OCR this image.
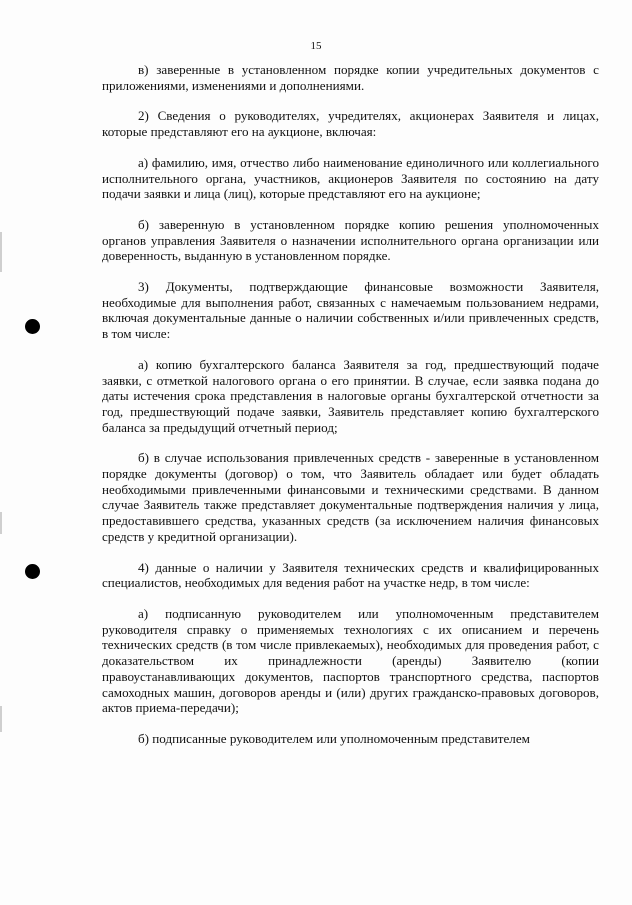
15

в) заверенные в установленном порядке копии учредительных документов с приложениями, изменениями и дополнениями.

2) Сведения о руководителях, учредителях, акционерах Заявителя и лицах, которые представляют его на аукционе, включая:

а) фамилию, имя, отчество либо наименование единоличного или коллегиального исполнительного органа, участников, акционеров Заявителя по состоянию на дату подачи заявки и лица (лиц), которые представляют его на аукционе;

б) заверенную в установленном порядке копию решения уполномоченных органов управления Заявителя о назначении исполнительного органа организации или доверенность, выданную в установленном порядке.

3) Документы, подтверждающие финансовые возможности Заявителя, необходимые для выполнения работ, связанных с намечаемым пользованием недрами, включая документальные данные о наличии собственных и/или привлеченных средств, в том числе:

а) копию бухгалтерского баланса Заявителя за год, предшествующий подаче заявки, с отметкой налогового органа о его принятии. В случае, если заявка подана до даты истечения срока представления в налоговые органы бухгалтерской отчетности за год, предшествующий подаче заявки, Заявитель представляет копию бухгалтерского баланса за предыдущий отчетный период;

б) в случае использования привлеченных средств - заверенные в установленном порядке документы (договор) о том, что Заявитель обладает или будет обладать необходимыми привлеченными финансовыми и техническими средствами. В данном случае Заявитель также представляет документальные подтверждения наличия у лица, предоставившего средства, указанных средств (за исключением наличия финансовых средств у кредитной организации).

4) данные о наличии у Заявителя технических средств и квалифицированных специалистов, необходимых для ведения работ на участке недр, в том числе:

а) подписанную руководителем или уполномоченным представителем руководителя справку о применяемых технологиях с их описанием и перечень технических средств (в том числе привлекаемых), необходимых для проведения работ, с доказательством их принадлежности (аренды) Заявителю (копии правоустанавливающих документов, паспортов транспортного средства, паспортов самоходных машин, договоров аренды и (или) других гражданско-правовых договоров, актов приема-передачи);

б) подписанные руководителем или уполномоченным представителем
